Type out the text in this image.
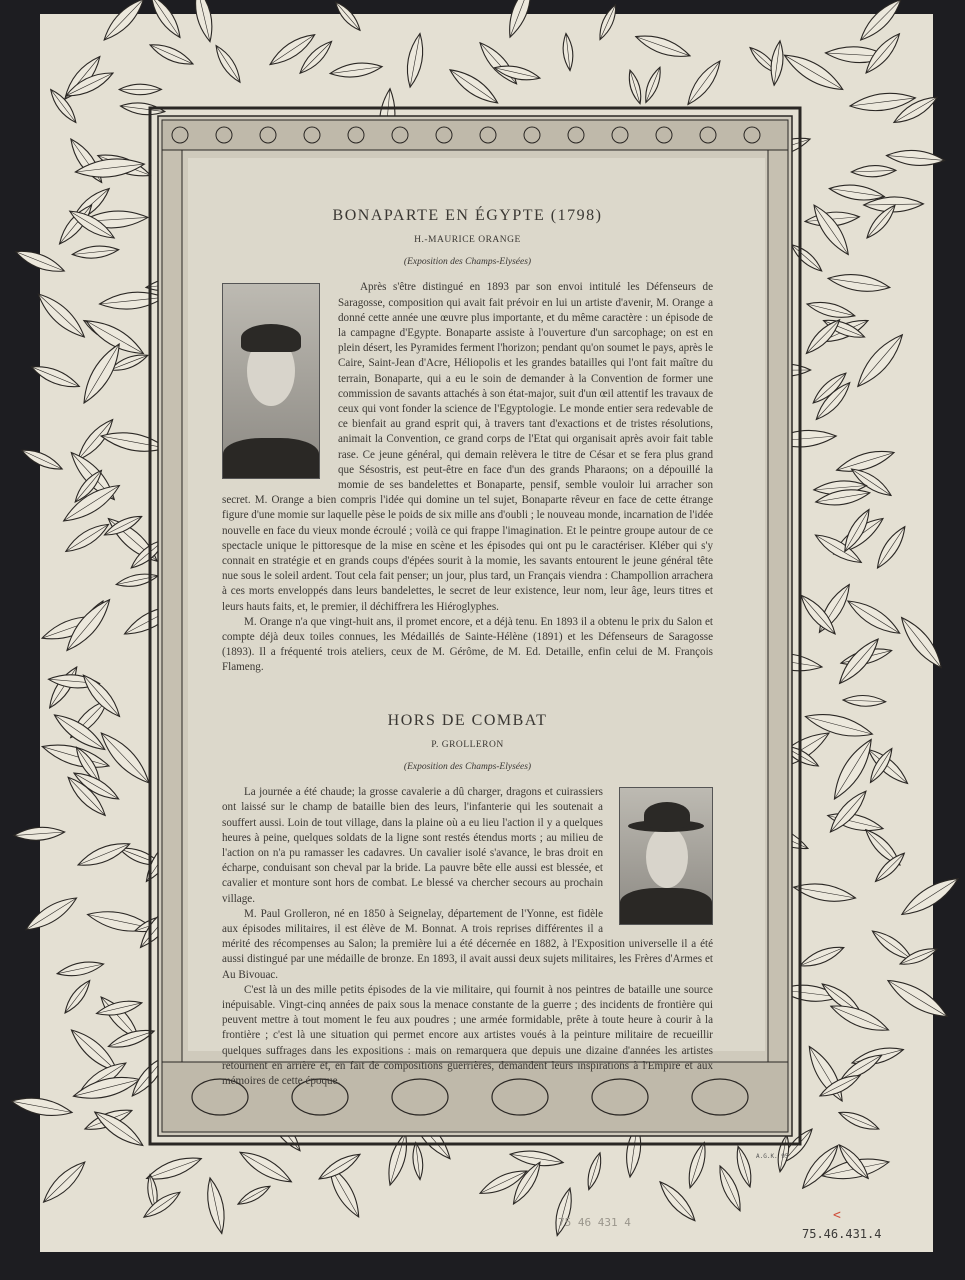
BONAPARTE EN ÉGYPTE (1798)
H.-MAURICE ORANGE
(Exposition des Champs-Elysées)

Après s'être distingué en 1893 par son envoi intitulé les Défenseurs de Saragosse, composition qui avait fait prévoir en lui un artiste d'avenir, M. Orange a donné cette année une œuvre plus importante, et du même caractère : un épisode de la campagne d'Egypte. Bonaparte assiste à l'ouverture d'un sarcophage; on est en plein désert, les Pyramides ferment l'horizon; pendant qu'on soumet le pays, après le Caire, Saint-Jean d'Acre, Héliopolis et les grandes batailles qui l'ont fait maître du terrain, Bonaparte, qui a eu le soin de demander à la Convention de former une commission de savants attachés à son état-major, suit d'un œil attentif les travaux de ceux qui vont fonder la science de l'Egyptologie. Le monde entier sera redevable de ce bienfait au grand esprit qui, à travers tant d'exactions et de tristes résolutions, animait la Convention, ce grand corps de l'Etat qui organisait après avoir fait table rase. Ce jeune général, qui demain relèvera le titre de César et se fera plus grand que Sésostris, est peut-être en face d'un des grands Pharaons; on a dépouillé la momie de ses bandelettes et Bonaparte, pensif, semble vouloir lui arracher son secret. M. Orange a bien compris l'idée qui domine un tel sujet, Bonaparte rêveur en face de cette étrange figure d'une momie sur laquelle pèse le poids de six mille ans d'oubli ; le nouveau monde, incarnation de l'idée nouvelle en face du vieux monde écroulé ; voilà ce qui frappe l'imagination. Et le peintre groupe autour de ce spectacle unique le pittoresque de la mise en scène et les épisodes qui ont pu le caractériser. Kléber qui s'y connait en stratégie et en grands coups d'épées sourit à la momie, les savants entourent le jeune général tête nue sous le soleil ardent. Tout cela fait penser; un jour, plus tard, un Français viendra : Champollion arrachera à ces morts enveloppés dans leurs bandelettes, le secret de leur existence, leur nom, leur âge, leurs titres et leurs hauts faits, et, le premier, il déchiffrera les Hiéroglyphes.

M. Orange n'a que vingt-huit ans, il promet encore, et a déjà tenu. En 1893 il a obtenu le prix du Salon et compte déjà deux toiles connues, les Médaillés de Sainte-Hélène (1891) et les Défenseurs de Saragosse (1893). Il a fréquenté trois ateliers, ceux de M. Gérôme, de M. Ed. Detaille, enfin celui de M. François Flameng.

HORS DE COMBAT
P. GROLLERON
(Exposition des Champs-Elysées)

La journée a été chaude; la grosse cavalerie a dû charger, dragons et cuirassiers ont laissé sur le champ de bataille bien des leurs, l'infanterie qui les soutenait a souffert aussi. Loin de tout village, dans la plaine où a eu lieu l'action il y a quelques heures à peine, quelques soldats de la ligne sont restés étendus morts ; au milieu de l'action on n'a pu ramasser les cadavres. Un cavalier isolé s'avance, le bras droit en écharpe, conduisant son cheval par la bride. La pauvre bête elle aussi est blessée, et cavalier et monture sont hors de combat. Le blessé va chercher secours au prochain village.

M. Paul Grolleron, né en 1850 à Seignelay, département de l'Yonne, est fidèle aux épisodes militaires, il est élève de M. Bonnat. A trois reprises différentes il a mérité des récompenses au Salon; la première lui a été décernée en 1882, à l'Exposition universelle il a été aussi distingué par une médaille de bronze. En 1893, il avait aussi deux sujets militaires, les Frères d'Armes et Au Bivouac.

C'est là un des mille petits épisodes de la vie militaire, qui fournit à nos peintres de bataille une source inépuisable. Vingt-cinq années de paix sous la menace constante de la guerre ; des incidents de frontière qui peuvent mettre à tout moment le feu aux poudres ; une armée formidable, prête à toute heure à courir à la frontière ; c'est là une situation qui permet encore aux artistes voués à la peinture militaire de recueillir quelques suffrages dans les expositions : mais on remarquera que depuis une dizaine d'années les artistes retournent en arrière et, en fait de compositions guerrières, demandent leurs inspirations à l'Empire et aux mémoires de cette époque.

A.G.K. 95
75 46 431 4	<
75.46.431.4
